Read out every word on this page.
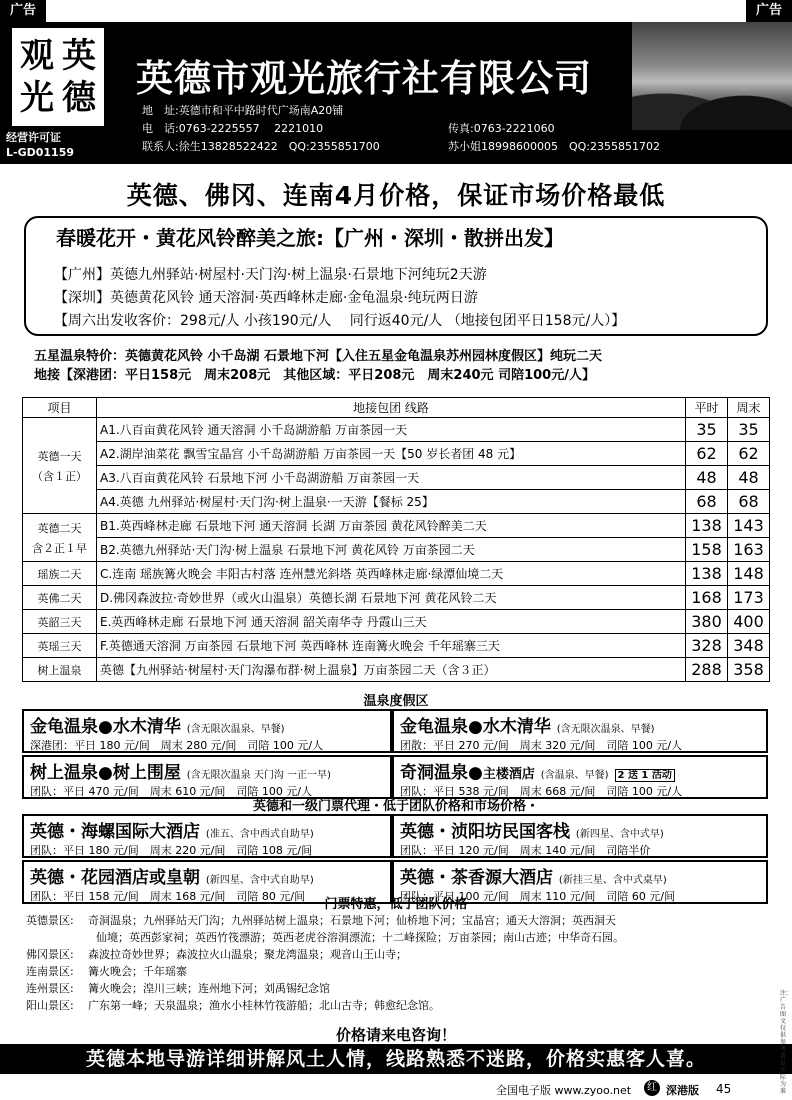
广告	广告
观 英光 德
经营许可证
L-GD01159
英德市观光旅行社有限公司
地　址:英德市和平中路时代广场南A20铺
电　话:0763-2225557　 2221010	传真:0763-2221060
联系人:徐生13828522422　 QQ:2355851700	苏小姐18998600005　 QQ:2355851702
英德、佛冈、连南4月价格，保证市场价格最低
春暖花开・黄花风铃醉美之旅:【广州・深圳・散拼出发】
【广州】英德九州驿站·树屋村·天门沟·树上温泉·石景地下河纯玩2天游
【深圳】英德黄花风铃 通天溶洞·英西峰林走廊·金龟温泉·纯玩两日游
【周六出发收客价：298元/人 小孩190元/人　 同行返40元/人 （地接包团平日158元/人）】
五星温泉特价：英德黄花风铃 小千岛湖 石景地下河【入住五星金龟温泉苏州园林度假区】纯玩二天
地接【深港团：平日158元　周末208元　其他区域：平日208元　周末240元 司陪100元/人】
项目	地接包团 线路	平时	周末

英德一天
（含１正）	A1.八百亩黄花风铃 通天溶洞 小千岛湖游船 万亩茶园一天	35	35
	A2.湖岸油菜花 飘雪宝晶宫 小千岛湖游船 万亩茶园一天【50 岁长者团 48 元】	62	62
	A3.八百亩黄花风铃 石景地下河 小千岛湖游船 万亩茶园一天	48	48
	A4.英德 九州驿站·树屋村·天门沟·树上温泉·一天游【餐标 25】	68	68

英德二天
含２正１早	B1.英西峰林走廊 石景地下河 通天溶洞 长湖 万亩茶园 黄花风铃醉美二天	138	143
	B2.英德九州驿站·天门沟·树上温泉 石景地下河 黄花风铃 万亩茶园二天	158	163

瑶族二天	C.连南 瑶族篝火晚会 丰阳古村落 连州慧光斜塔 英西峰林走廊·绿潭仙境二天	138	148

英佛二天	D.佛冈森波拉·奇妙世界（或火山温泉）英德长湖 石景地下河 黄花风铃二天	168	173

英韶三天	E.英西峰林走廊 石景地下河 通天溶洞 韶关南华寺 丹霞山三天	380	400

英瑶三天	F.英德通天溶洞 万亩茶园 石景地下河 英西峰林 连南篝火晚会 千年瑶寨三天	328	348

树上温泉	英德【九州驿站·树屋村·天门沟瀑布群·树上温泉】万亩茶园二天（含３正）	288	358
温泉度假区
金龟温泉●水木清华 (含无限次温泉、早餐)
深港团：平日 180 元/间　周末 280 元/间　司陪 100 元/人
金龟温泉●水木清华 (含无限次温泉、早餐)
团散：平日 270 元/间　周末 320 元/间　司陪 100 元/人
树上温泉●树上围屋 (含无限次温泉 天门沟 一正一早)
团队：平日 470 元/间　周末 610 元/间　司陪 100 元/人
奇洞温泉●主楼酒店 (含温泉、早餐) 2 送 1 活动
团队：平日 538 元/间　周末 668 元/间　司陪 100 元/人
英德和一级门票代理・低于团队价格和市场价格・
英德・海螺国际大酒店 (准五、含中西式自助早)
团队：平日 180 元/间　周末 220 元/间　司陪 108 元/间
英德・浈阳坊民国客栈 (新四星、含中式早)
团队：平日 120 元/间　周末 140 元/间　司陪半价
英德・花园酒店或皇朝 (新四星、含中式自助早)
团队：平日 158 元/间　周末 168 元/间　司陪 80 元/间
英德・茶香源大酒店 (新挂三星、含中式桌早)
团队：平日 100 元/间　周末 110 元/间　司陪 60 元/间
门票特惠，低于团队价格
英德景区: 奇洞温泉；九州驿站天门沟；九州驿站树上温泉；石景地下河；仙桥地下河；宝晶宫；通天大溶洞；英西洞天
仙境；英西彭家祠；英西竹筏漂游；英西老虎谷溶洞漂流；十二峰探险；万亩茶园；南山古迹；中华奇石园。
佛冈景区: 森波拉奇妙世界；森波拉火山温泉；聚龙湾温泉；观音山王山寺；
连南景区: 篝火晚会；千年瑶寨
连州景区: 篝火晚会；湟川三峡；连州地下河；刘禹锡纪念馆
阳山景区: 广东第一峰；天泉温泉；渔水小桂林竹筏游船；北山古寺；韩愈纪念馆。
价格请来电咨询！
英德本地导游详细讲解风土人情，线路熟悉不迷路，价格实惠客人喜。
全国电子版 www.zyoo.net	红 深港版 45
注：广告图文仅供参考请以实际为准
